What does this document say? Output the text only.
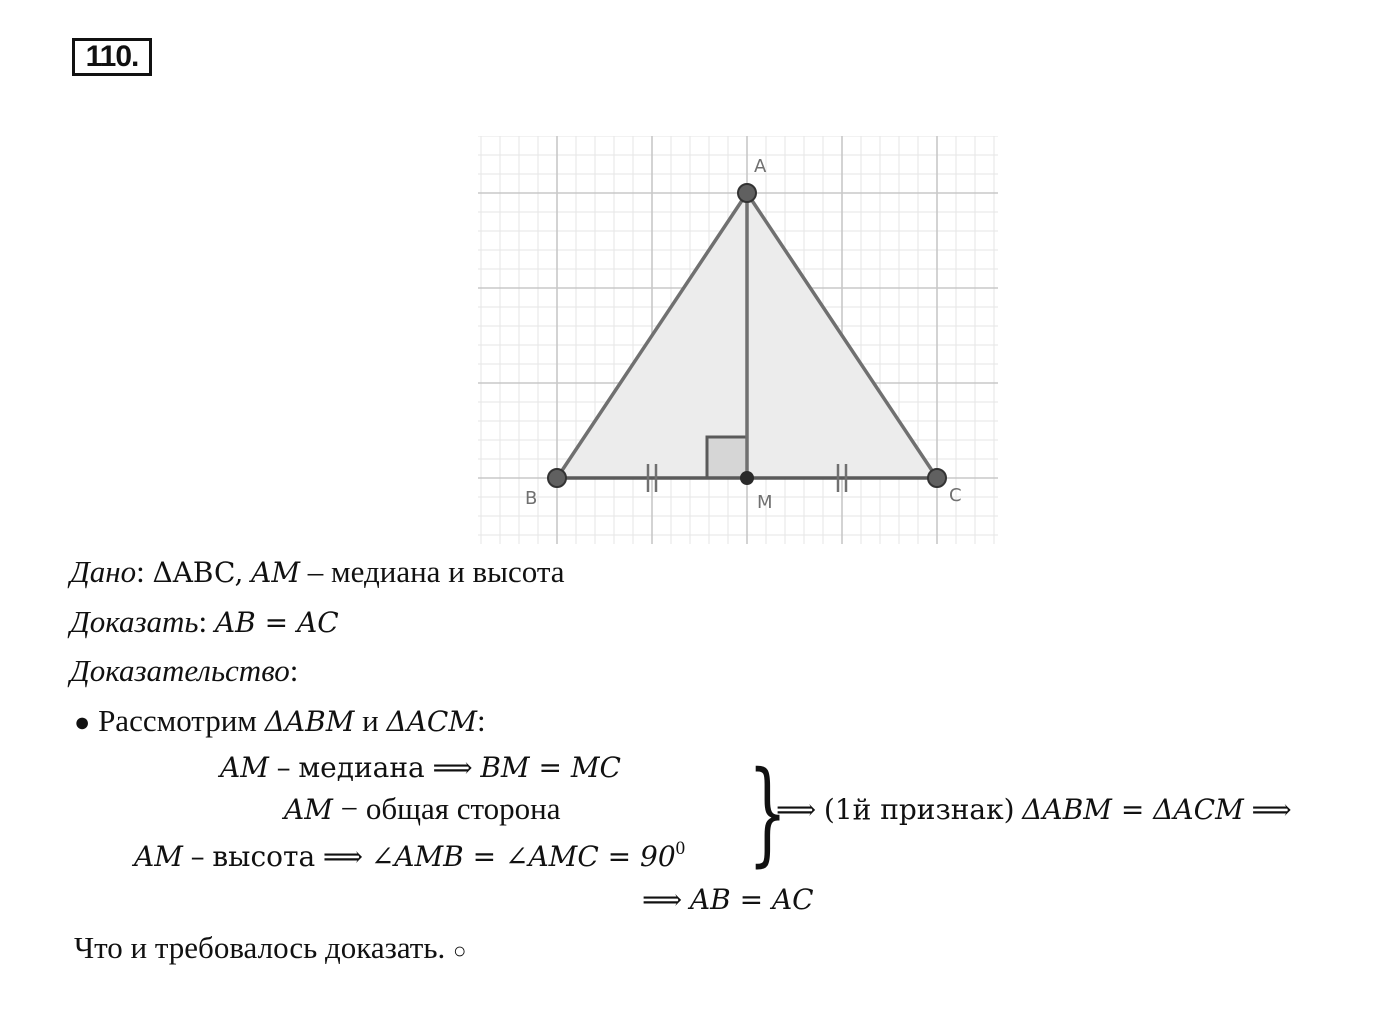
110.
A
B	C
M
Дано: ΔABC, AM – медиана и высота
Доказать: AB = AC
Доказательство:
● Рассмотрим ΔABM и ΔACM:
AM – медиана ⟹ BM = MC
AM − общая сторона
AM – высота ⟹ ∠AMB = ∠AMC = $90^0$ }
⟹ (1й признак) ΔABM = ΔACM ⟹
⟹ AB = AC
Что и требовалось доказать. ○
